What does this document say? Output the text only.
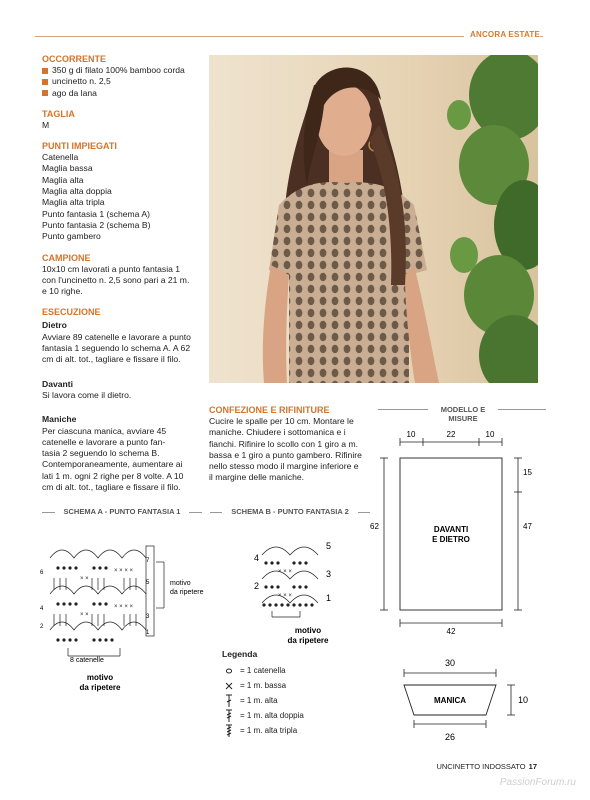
ANCORA ESTATE
OCCORRENTE
350 g di filato 100% bamboo corda
uncinetto n. 2,5
ago da lana
TAGLIA
M
PUNTI IMPIEGATI
Catenella
Maglia bassa
Maglia alta
Maglia alta doppia
Maglia alta tripla
Punto fantasia 1 (schema A)
Punto fantasia 2 (schema B)
Punto gambero
CAMPIONE
10x10 cm lavorati a punto fantasia 1
con l'uncinetto n. 2,5 sono pari a 21 m.
e 10 righe.
ESECUZIONE
Dietro
Avviare 89 catenelle e lavorare a punto
fantasia 1 seguendo lo schema A. A 62
cm di alt. tot., tagliare e fissare il filo.
Davanti
Si lavora come il dietro.
Maniche
Per ciascuna manica, avviare 45
catenelle e lavorare a punto fan-
tasia 2 seguendo lo schema B.
Contemporaneamente, aumentare ai
lati 1 m. ogni 2 righe per 8 volte. A 10
cm di alt. tot., tagliare e fissare il filo.
CONFEZIONE E RIFINITURE
Cucire le spalle per 10 cm. Montare le
maniche. Chiudere i sottomanica e i
fianchi. Rifinire lo scollo con 1 giro a m.
bassa e 1 giro a punto gambero. Rifinire
nello stesso modo il margine inferiore e
il margine delle maniche.
MODELLO E MISURE
10	22	10
DAVANTI
E DIETRO
62
15
47
42
30
MANICA	10
26
SCHEMA A - PUNTO FANTASIA 1
6
4
2
7
5
3
1
× × × ×
× × × ×
× ×
× ×
8 catenelle
motivo
da ripetere
motivo
da ripetere
SCHEMA B - PUNTO FANTASIA 2
× × ×
× × ×
4
2
5
3
1
motivo
da ripetere
Legenda
= 1 catenella
= 1 m. bassa
= 1 m. alta
= 1 m. alta doppia
= 1 m. alta tripla
UNCINETTO INDOSSATO 17
PassionForum.ru
